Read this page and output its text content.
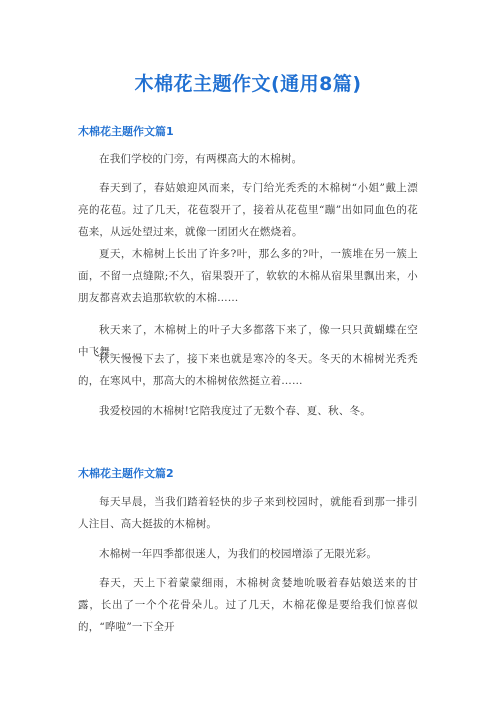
木棉花主题作文(通用8篇)
木棉花主题作文篇1

在我们学校的门旁，有两棵高大的木棉树。

春天到了，春姑娘迎风而来，专门给光秃秃的木棉树“小姐”戴上漂亮的花苞。过了几天，花苞裂开了，接着从花苞里“蹦”出如同血色的花苞来，从远处望过来，就像一团团火在燃烧着。

夏天，木棉树上长出了许多?叶，那么多的?叶，一簇堆在另一簇上面，不留一点缝隙;不久，宿果裂开了，软软的木棉从宿果里飘出来，小朋友都喜欢去追那软软的木棉……

秋天来了，木棉树上的叶子大多都落下来了，像一只只黄蝴蝶在空中飞舞。

秋天慢慢下去了，接下来也就是寒冷的冬天。冬天的木棉树光秃秃的，在寒风中，那高大的木棉树依然挺立着……

我爱校园的木棉树!它陪我度过了无数个春、夏、秋、冬。

木棉花主题作文篇2

每天早晨，当我们踏着轻快的步子来到校园时，就能看到那一排引人注目、高大挺拔的木棉树。

木棉树一年四季都很迷人，为我们的校园增添了无限光彩。

春天，天上下着蒙蒙细雨，木棉树贪婪地吮吸着春姑娘送来的甘露，长出了一个个花骨朵儿。过了几天，木棉花像是要给我们惊喜似的，“哗啦”一下全开
